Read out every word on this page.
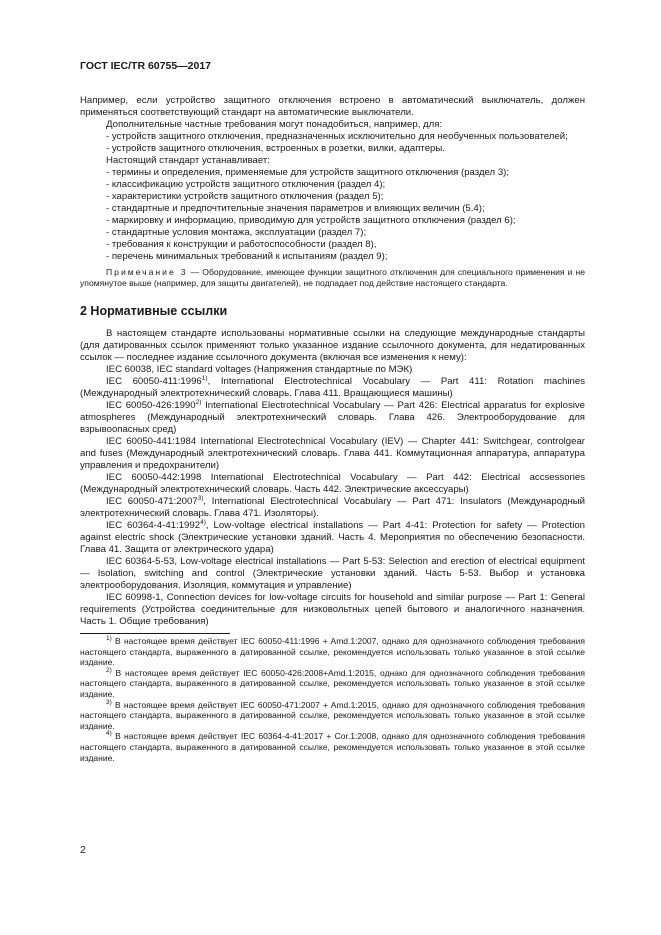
ГОСТ IEC/TR 60755—2017

Например, если устройство защитного отключения встроено в автоматический выключатель, должен применяться соответствующий стандарт на автоматические выключатели.

Дополнительные частные требования могут понадобиться, например, для:

- устройств защитного отключения, предназначенных исключительно для необученных пользователей;

- устройств защитного отключения, встроенных в розетки, вилки, адаптеры.

Настоящий стандарт устанавливает:

- термины и определения, применяемые для устройств защитного отключения (раздел 3);

- классификацию устройств защитного отключения (раздел 4);

- характеристики устройств защитного отключения (раздел 5);

- стандартные и предпочтительные значения параметров и влияющих величин (5.4);

- маркировку и информацию, приводимую для устройств защитного отключения (раздел 6);

- стандартные условия монтажа, эксплуатации (раздел 7);

- требования к конструкции и работоспособности (раздел 8),

- перечень минимальных требований к испытаниям (раздел 9);

Примечание 3 — Оборудование, имеющее функции защитного отключения для специального применения и не упомянутое выше (например, для защиты двигателей), не подпадает под действие настоящего стандарта.

2 Нормативные ссылки

В настоящем стандарте использованы нормативные ссылки на следующие международные стандарты (для датированных ссылок применяют только указанное издание ссылочного документа, для недатированных ссылок — последнее издание ссылочного документа (включая все изменения к нему):

IEC 60038, IEC standard voltages (Напряжения стандартные по МЭК)

IEC 60050-411:1996$^{1)}$, International Electrotechnical Vocabulary — Part 411: Rotation machines (Международный электротехнический словарь. Глава 411. Вращающиеся машины)

IEC 60050-426:1990$^{2)}$ International Electrotechnical Vocabulary — Part 426: Electrical apparatus for explosive atmospheres (Международный электротехнический словарь. Глава 426. Электрооборудование для взрывоопасных сред)

IEC 60050-441:1984 International Electrotechnical Vocabulary (IEV) — Chapter 441: Switchgear, controlgear and fuses (Международный электротехнический словарь. Глава 441. Коммутационная аппаратура, аппаратура управления и предохранители)

IEC 60050-442:1998 International Electrotechnical Vocabulary — Part 442: Electrical accsessories (Международный электротехнический словарь. Часть 442. Электрические аксессуары)

IEC 60050-471:2007$^{3)}$, International Electrotechnical Vocabulary — Part 471: Insulators (Международный электротехнический словарь. Глава 471. Изоляторы).

IEC 60364-4-41:1992$^{4)}$, Low-voltage electrical installations — Part 4-41: Protection for safety — Protection against electric shock (Электрические установки зданий. Часть 4. Мероприятия по обеспечению безопасности. Глава 41. Защита от электрического удара)

IEC 60364-5-53, Low-voltage electrical installations — Part 5-53: Selection and erection of electrical equipment — Isolation, switching and control (Электрические установки зданий. Часть 5-53. Выбор и установка электрооборудования. Изоляция, коммутация и управление)

IEC 60998-1, Connection devices for low-voltage circuits for household and similar purpose — Part 1: General requirements (Устройства соединительные для низковольтных цепей бытового и аналогичного назначения. Часть 1. Общие требования)

$^{1)}$ В настоящее время действует IEC 60050-411:1996 + Amd.1:2007, однако для однозначного соблюдения требования настоящего стандарта, выраженного в датированной ссылке, рекомендуется использовать только указанное в этой ссылке издание.

$^{2)}$ В настоящее время действует IEC 60050-426:2008+Amd.1:2015, однако для однозначного соблюдения требования настоящего стандарта, выраженного в датированной ссылке, рекомендуется использовать только указанное в этой ссылке издание.

$^{3)}$ В настоящее время действует IEC 60050-471:2007 + Amd.1:2015, однако для однозначного соблюдения требования настоящего стандарта, выраженного в датированной ссылке, рекомендуется использовать только указанное в этой ссылке издание.

$^{4)}$ В настоящее время действует IEC 60364-4-41:2017 + Cor.1:2008, однако для однозначного соблюдения требования настоящего стандарта, выраженного в датированной ссылке, рекомендуется использовать только указанное в этой ссылке издание.

2
